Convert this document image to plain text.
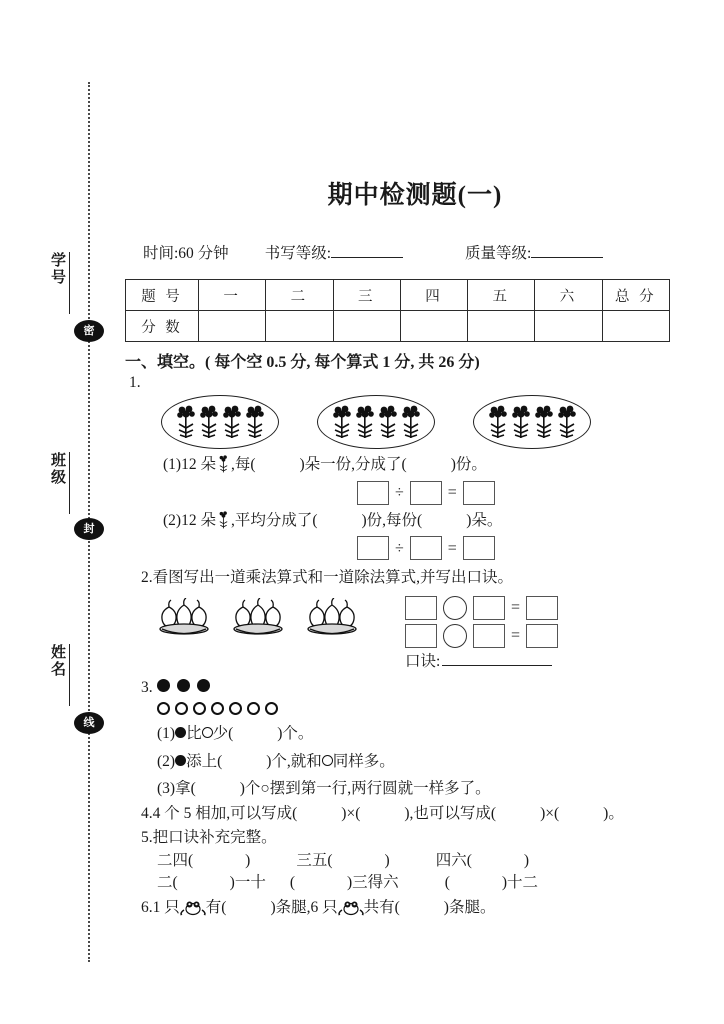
学号
班级
姓名
密
封
线
期中检测题(一)
时间:60 分钟 书写等级:	质量等级:
题 号	一	二	三	四	五	六	总 分
分 数							
一、填空。( 每个空 0.5 分, 每个算式 1 分, 共 26 分)
1.
(1)12 朵 ,每(	)朵一份,分成了(	)份。
÷	=
(2)12 朵 ,平均分成了(	)份,每份(	)朵。
÷	=
2.看图写出一道乘法算式和一道除法算式,并写出口诀。
=
=
口诀:
3.
(1) 比 少(	)个。
(2) 添上(	)个,就和 同样多。
(3)拿(	)个○摆到第一行,两行圆就一样多了。
4.4 个 5 相加,可以写成(	)×(	),也可以写成(	)×(	)。
5.把口诀补充完整。
二四(	)	三五(	)	四六(	)
二(	)一十 (	)三得六	(	)十二
6.1 只 有(	)条腿,6 只 共有(	)条腿。
